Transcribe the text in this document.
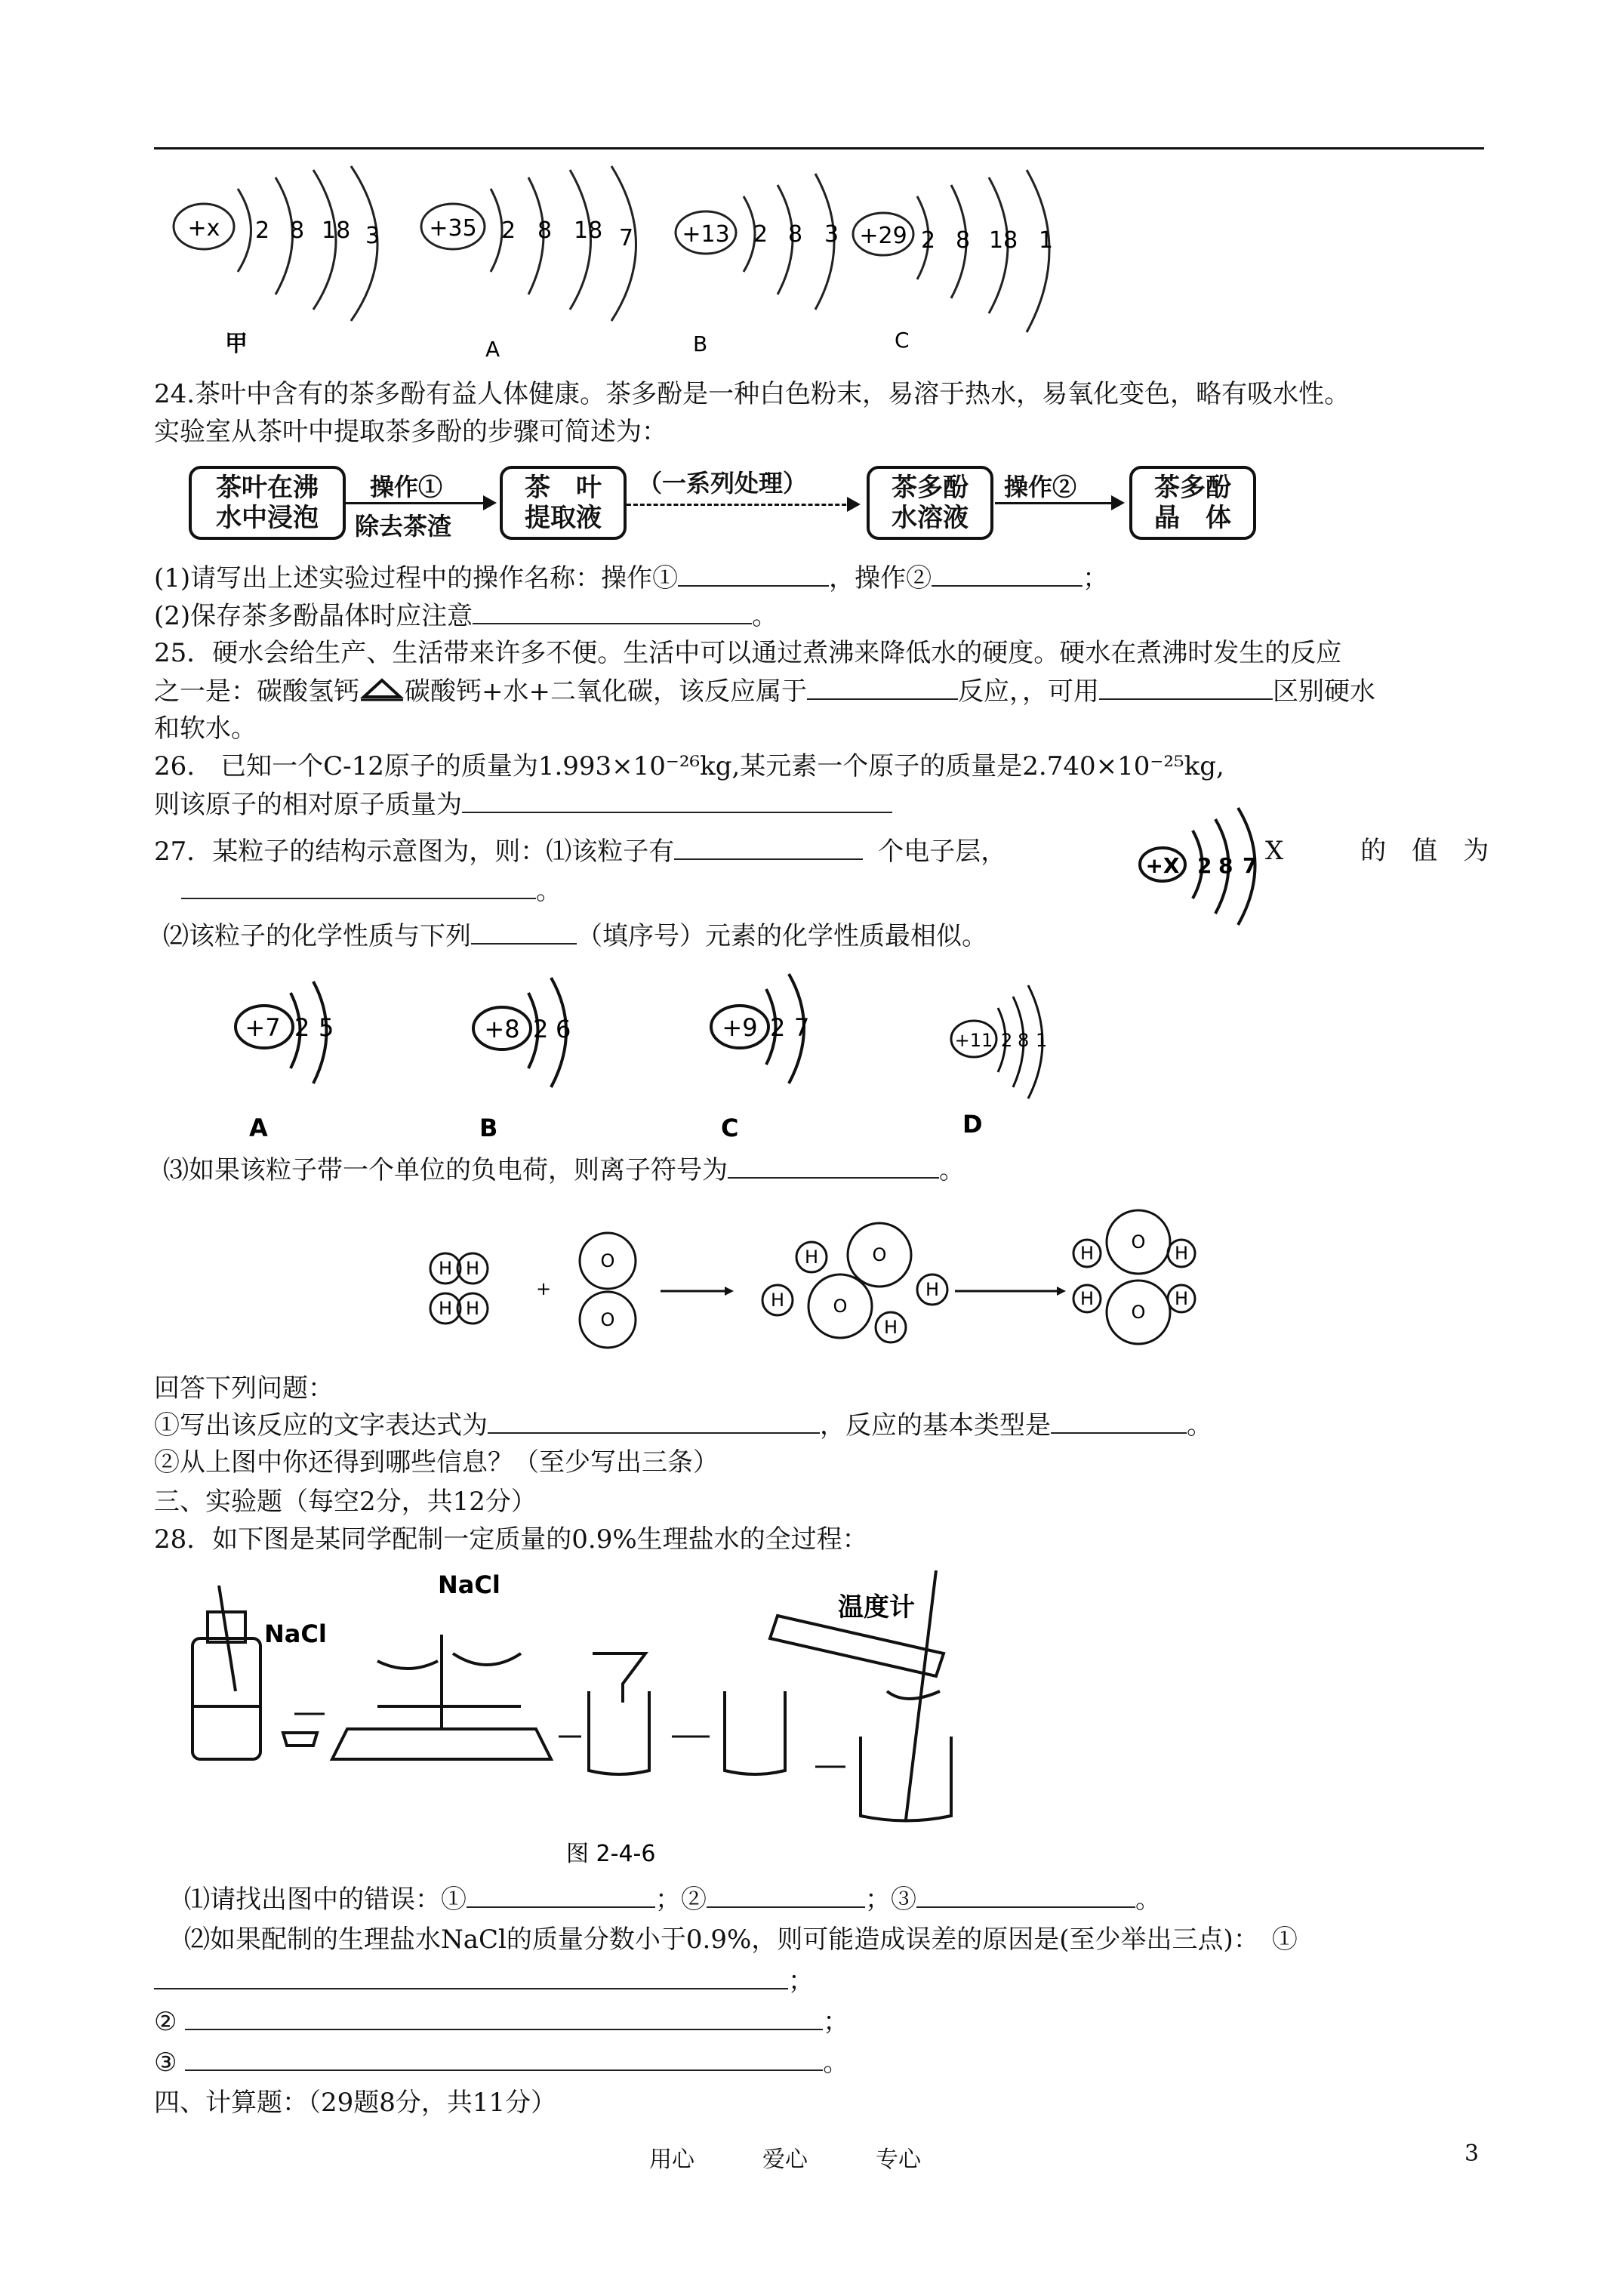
+x 2 8 18 3
甲
+35 2 8 18 7
A
+13 2 8 3
B
+29 2 8 18 1
C
24.茶叶中含有的茶多酚有益人体健康。茶多酚是一种白色粉末，易溶于热水，易氧化变色，略有吸水性。
实验室从茶叶中提取茶多酚的步骤可简述为：
茶叶在沸
水中浸泡
操作①
除去茶渣
茶　叶
提取液
（一系列处理）	茶多酚
水溶液
操作②	茶多酚
晶　体
(1)请写出上述实验过程中的操作名称：操作①	，操作②	；
(2)保存茶多酚晶体时应注意	。
25．硬水会给生产、生活带来许多不便。生活中可以通过煮沸来降低水的硬度。硬水在煮沸时发生的反应
之一是：碳酸氢钙 碳酸钙+水+二氧化碳，该反应属于	反应，，可用	区别硬水
和软水。
26.　已知一个C-12原子的质量为1.993×10⁻²⁶kg,某元素一个原子的质量是2.740×10⁻²⁵kg,
则该原子的相对原子质量为
27．某粒子的结构示意图为，则：⑴该粒子有	个电子层，	+X 2 8 7 X　　　的　值　为
。
⑵该粒子的化学性质与下列	（填序号）元素的化学性质最相似。
+7 2 5
A
+8 2 6
B
+9 2 7
C
+11 2 8 1
D
⑶如果该粒子带一个单位的负电荷，则离子符号为	。
H H
H H
+
O
O
H	O
H
H	O
H
H
O
H
H
O
H
回答下列问题：
①写出该反应的文字表达式为	，反应的基本类型是	。
②从上图中你还得到哪些信息？（至少写出三条）
三、实验题（每空2分，共12分）
28．如下图是某同学配制一定质量的0.9%生理盐水的全过程：
NaCl
NaCl
温度计
图 2-4-6
⑴请找出图中的错误：①	；②	；③	。
⑵如果配制的生理盐水NaCl的质量分数小于0.9%，则可能造成误差的原因是(至少举出三点)：　①
；
②	；
③	。
四、计算题：（29题8分，共11分）
用心　　　爱心　　　专心	3
